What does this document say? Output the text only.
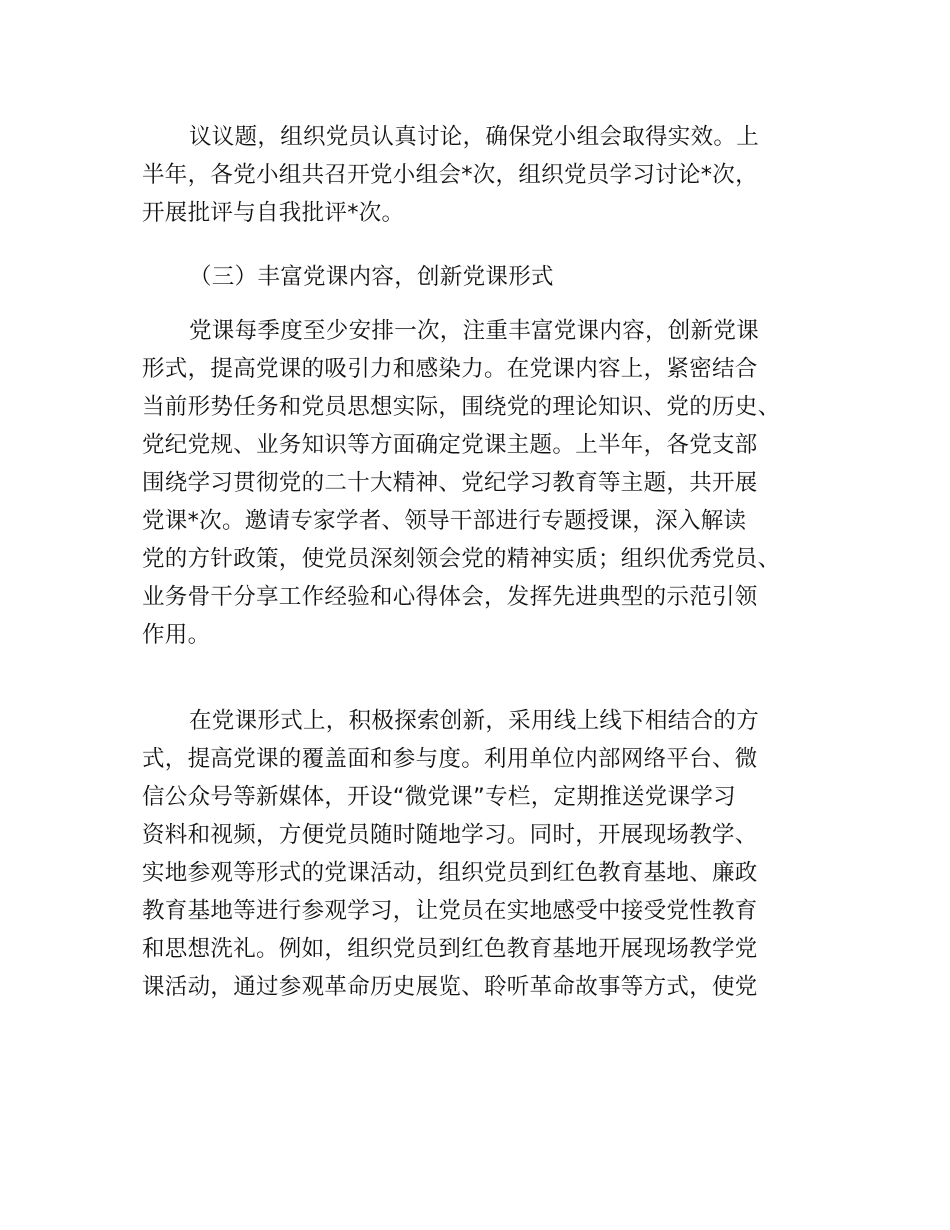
议议题，组织党员认真讨论，确保党小组会取得实效。上
半年，各党小组共召开党小组会*次，组织党员学习讨论*次，
开展批评与自我批评*次。
（三）丰富党课内容，创新党课形式
党课每季度至少安排一次，注重丰富党课内容，创新党课
形式，提高党课的吸引力和感染力。在党课内容上，紧密结合
当前形势任务和党员思想实际，围绕党的理论知识、党的历史、
党纪党规、业务知识等方面确定党课主题。上半年，各党支部
围绕学习贯彻党的二十大精神、党纪学习教育等主题，共开展
党课*次。邀请专家学者、领导干部进行专题授课，深入解读
党的方针政策，使党员深刻领会党的精神实质；组织优秀党员、
业务骨干分享工作经验和心得体会，发挥先进典型的示范引领
作用。
在党课形式上，积极探索创新，采用线上线下相结合的方
式，提高党课的覆盖面和参与度。利用单位内部网络平台、微
信公众号等新媒体，开设“微党课”专栏，定期推送党课学习
资料和视频，方便党员随时随地学习。同时，开展现场教学、
实地参观等形式的党课活动，组织党员到红色教育基地、廉政
教育基地等进行参观学习，让党员在实地感受中接受党性教育
和思想洗礼。例如，组织党员到红色教育基地开展现场教学党
课活动，通过参观革命历史展览、聆听革命故事等方式，使党
